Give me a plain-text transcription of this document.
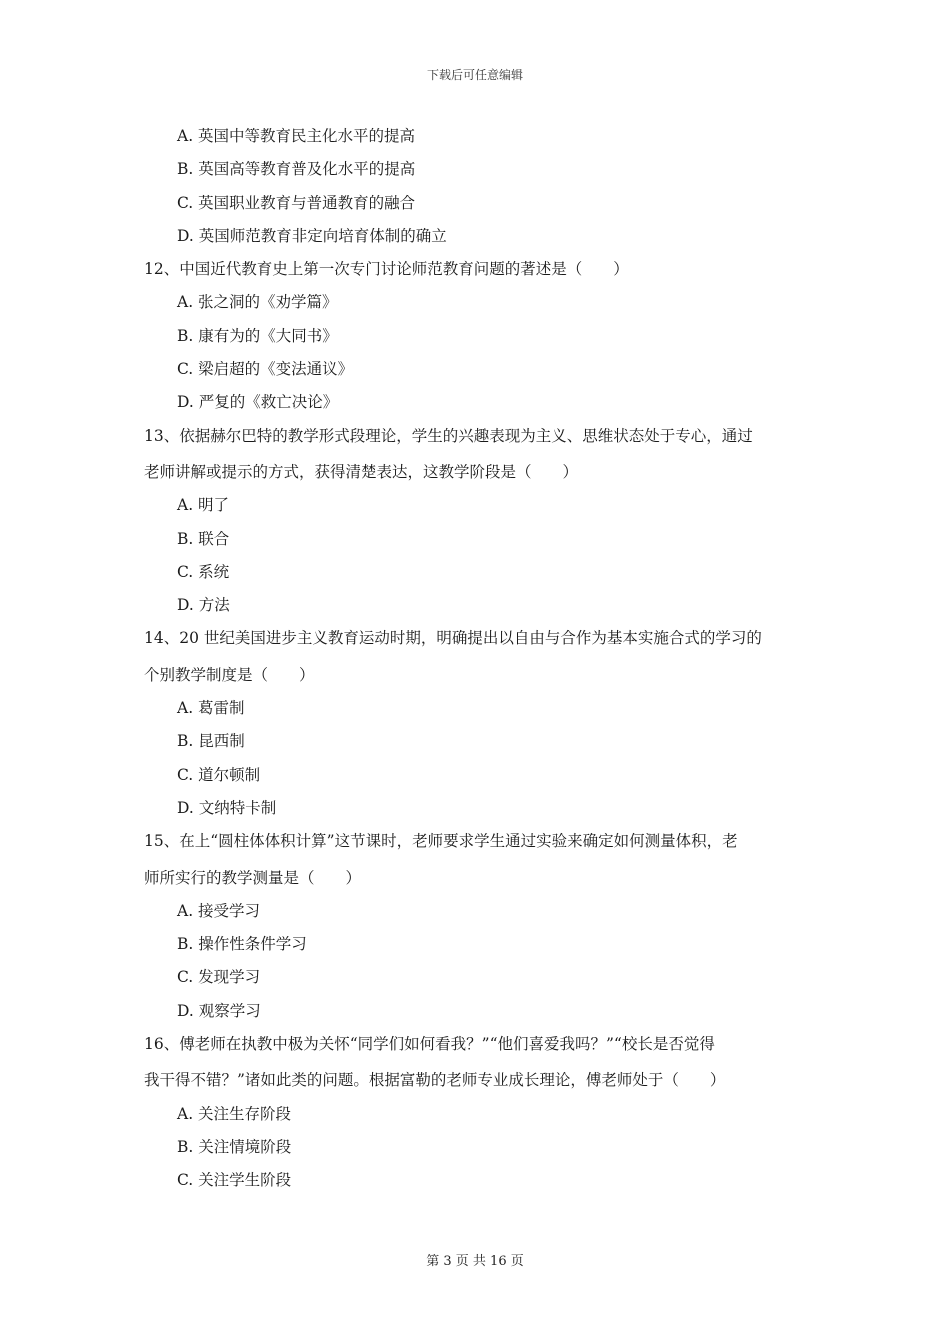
下载后可任意编辑
A. 英国中等教育民主化水平的提高
B. 英国高等教育普及化水平的提高
C. 英国职业教育与普通教育的融合
D. 英国师范教育非定向培育体制的确立
12、中国近代教育史上第一次专门讨论师范教育问题的著述是（　　）
A. 张之洞的《劝学篇》
B. 康有为的《大同书》
C. 梁启超的《变法通议》
D. 严复的《救亡决论》
13、依据赫尔巴特的教学形式段理论，学生的兴趣表现为主义、思维状态处于专心，通过
老师讲解或提示的方式，获得清楚表达，这教学阶段是（　　）
A. 明了
B. 联合
C. 系统
D. 方法
14、20 世纪美国进步主义教育运动时期，明确提出以自由与合作为基本实施合式的学习的
个别教学制度是（　　）
A. 葛雷制
B. 昆西制
C. 道尔顿制
D. 文纳特卡制
15、在上“圆柱体体积计算”这节课时，老师要求学生通过实验来确定如何测量体积，老
师所实行的教学测量是（　　）
A. 接受学习
B. 操作性条件学习
C. 发现学习
D. 观察学习
16、傅老师在执教中极为关怀“同学们如何看我？”“他们喜爱我吗？”“校长是否觉得
我干得不错？”诸如此类的问题。根据富勒的老师专业成长理论，傅老师处于（　　）
A. 关注生存阶段
B. 关注情境阶段
C. 关注学生阶段
第 3 页 共 16 页
